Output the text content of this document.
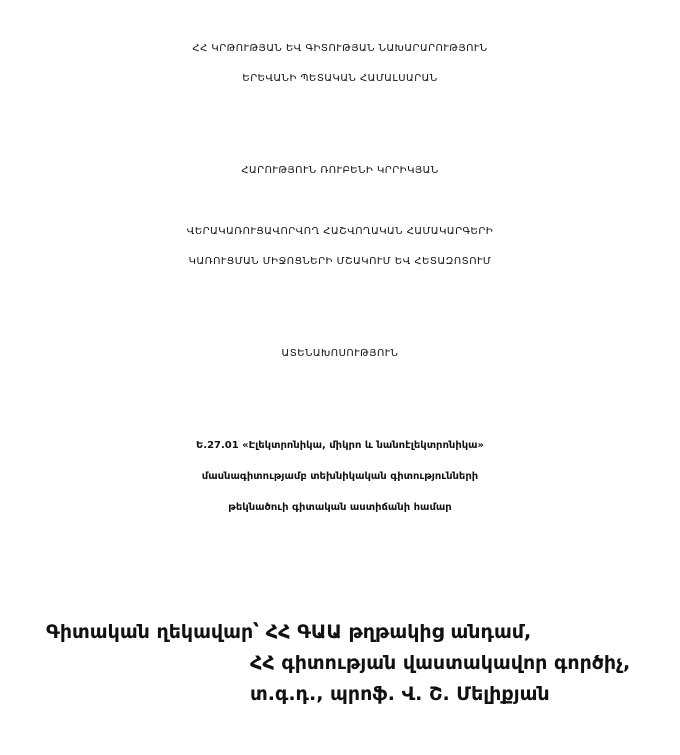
ՀՀ ԿՐԹՈՒԹՅԱՆ ԵՎ ԳԻՏՈՒԹՅԱՆ ՆԱԽԱՐԱՐՈՒԹՅՈՒՆ
ԵՐԵՎԱՆԻ ՊԵՏԱԿԱՆ ՀԱՄԱԼՍԱՐԱՆ
ՀԱՐՈՒԹՅՈՒՆ ՌՈՒԲԵՆԻ ԿՐՐԻԿՅԱՆ
ՎԵՐԱԿԱՌՈՒՑԱՎՈՐՎՈՂ ՀԱՇՎՈՂԱԿԱՆ ՀԱՄԱԿԱՐԳԵՐԻ
ԿԱՌՈՒՑՄԱՆ ՄԻՋՈՑՆԵՐԻ ՄՇԱԿՈՒՄ ԵՎ ՀԵՏԱԶՈՏՈՒՄ
ԱՏԵՆԱԽՈՍՈՒԹՅՈՒՆ
Ե.27.01 «Էլեկտրոնիկա, միկրո և նանոէլեկտրոնիկա»
մասնագիտությամբ տեխնիկական գիտությունների
թեկնածուի գիտական աստիճանի համար
Գիտական ղեկավար՝ ՀՀ ԳԱԱ թղթակից անդամ,
ՀՀ գիտության վաստակավոր գործիչ,
տ.գ.դ., պրոֆ. Վ. Շ. Մելիքյան
